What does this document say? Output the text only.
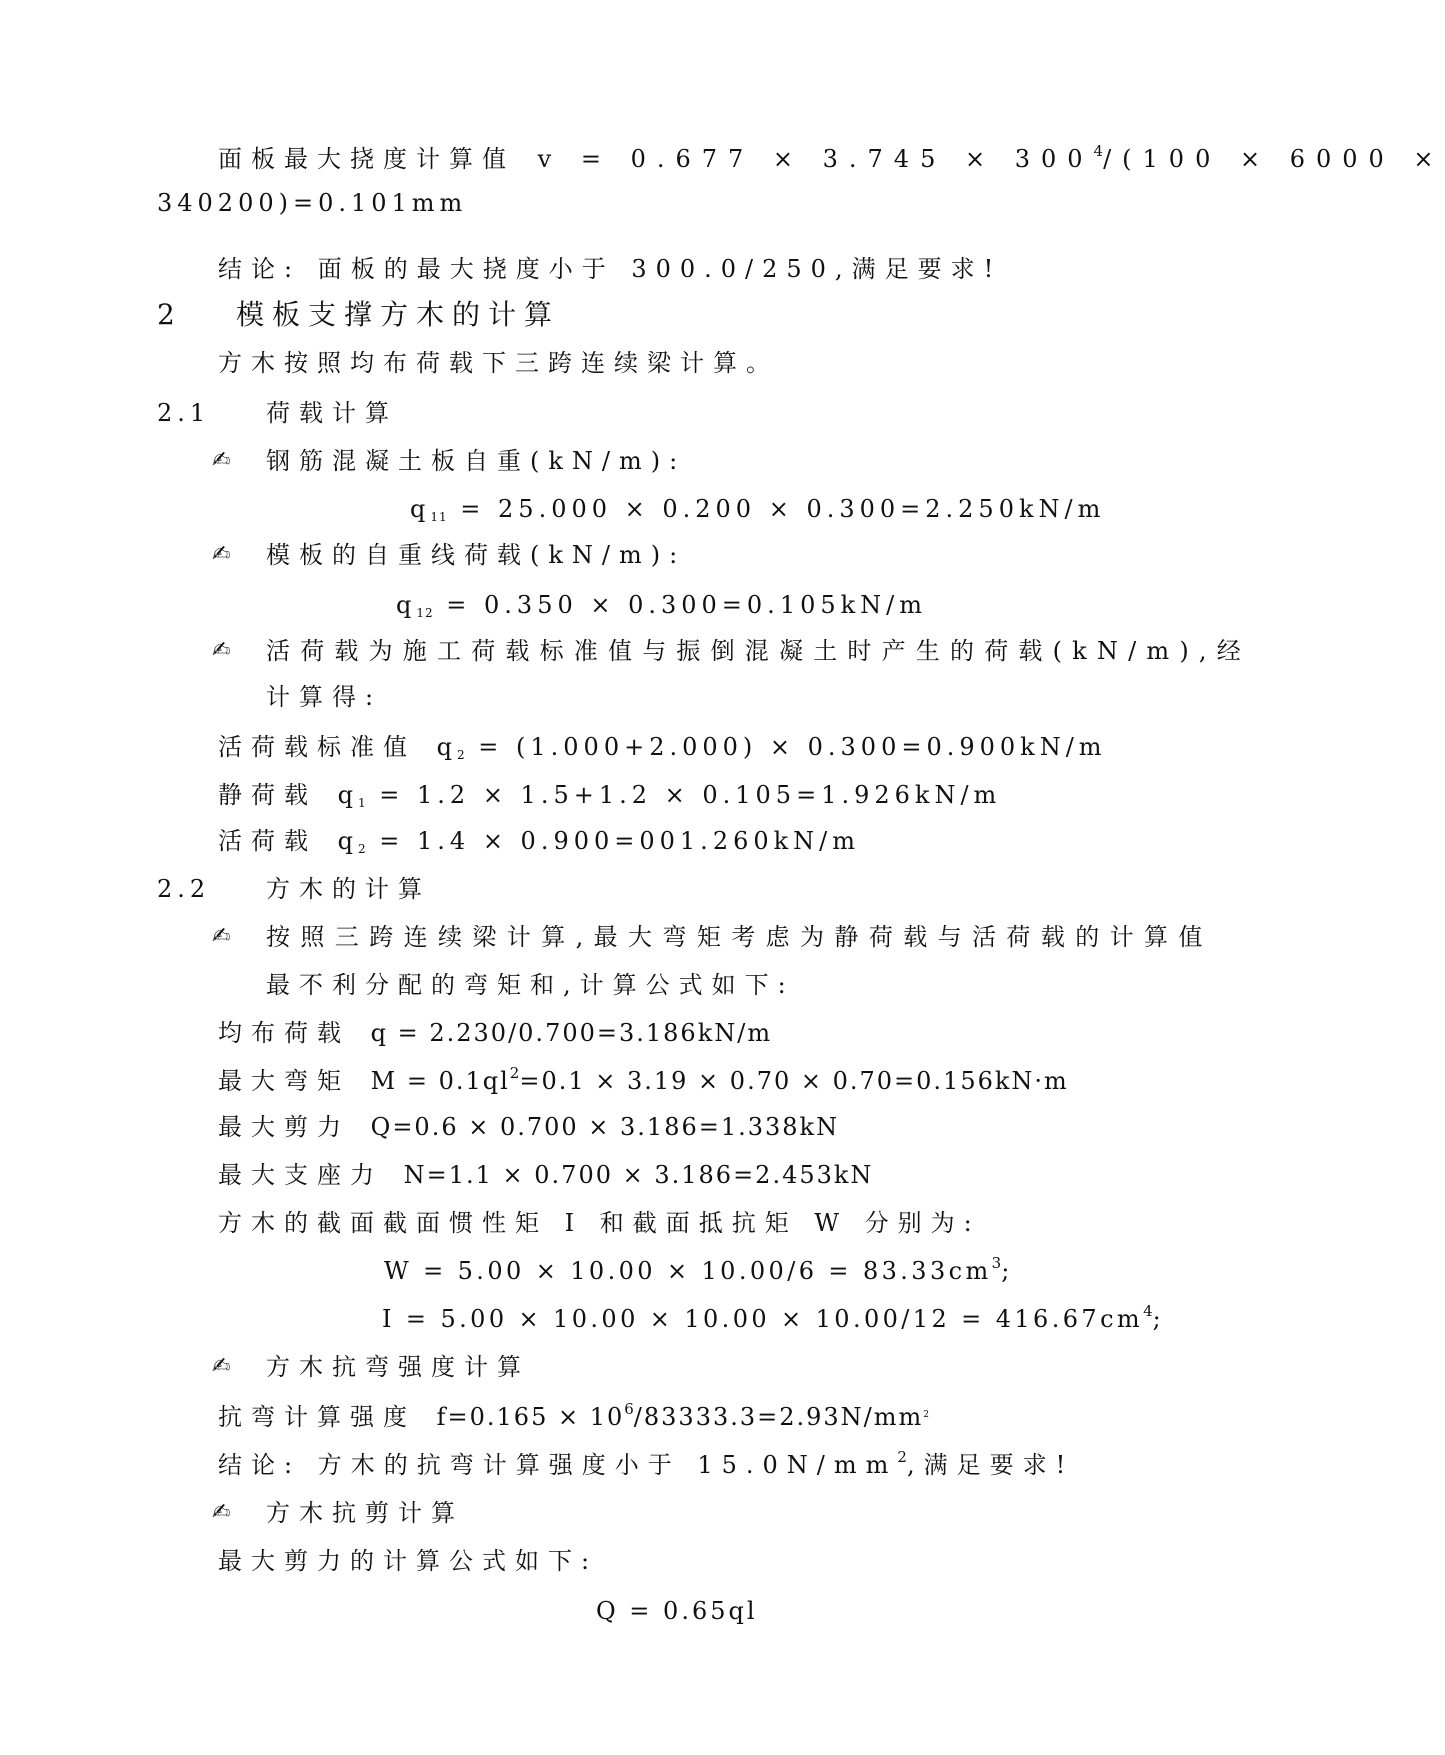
面板最大挠度计算值 $v = 0.677 \times 3.745 \times 300^4/(100 \times 6000$ ×
340200)=0.101mm
结论: 面板的最大挠度小于 300.0/250,满足要求!
2 模板支撑方木的计算
方木按照均布荷载下三跨连续梁计算。
2.1 荷载计算
✍ 钢筋混凝土板自重(kN/m):
$q_{11} = 25.000 \times 0.200 \times 0.300=2.250kN/m$
✍ 模板的自重线荷载(kN/m):
$q_{12} = 0.350 \times 0.300=0.105kN/m$
✍ 活荷载为施工荷载标准值与振倒混凝土时产生的荷载(kN/m),经
计算得:
活荷载标准值 $q_2 = (1.000+2.000) \times 0.300=0.900kN/m$
静荷载 $q_1 = 1.2 \times 1.5+1.2 \times 0.105=1.926kN/m$
活荷载 $q_2 = 1.4 \times 0.900=001.260kN/m$
2.2 方木的计算
✍ 按照三跨连续梁计算,最大弯矩考虑为静荷载与活荷载的计算值
最不利分配的弯矩和,计算公式如下:
均布荷载 q = 2.230/0.700=3.186kN/m
最大弯矩 $M = 0.1ql^2=0.1 \times 3.19 \times 0.70 \times 0.70=0.156kN\cdot m$
最大剪力 Q=0.6 × 0.700 × 3.186=1.338kN
最大支座力 N=1.1 × 0.700 × 3.186=2.453kN
方木的截面截面惯性矩 I 和截面抵抗矩 W 分别为:
$W = 5.00 \times 10.00 \times 10.00/6 = 83.33cm^3$;
$I = 5.00 \times 10.00 \times 10.00 \times 10.00/12 = 416.67cm^4$;
✍ 方木抗弯强度计算
抗弯计算强度 $f=0.165 \times 10^6/83333.3=2.93N/mm^2$
结论: 方木的抗弯计算强度小于 $15.0N/mm^2$,满足要求!
✍ 方木抗剪计算
最大剪力的计算公式如下:
Q = 0.65ql
